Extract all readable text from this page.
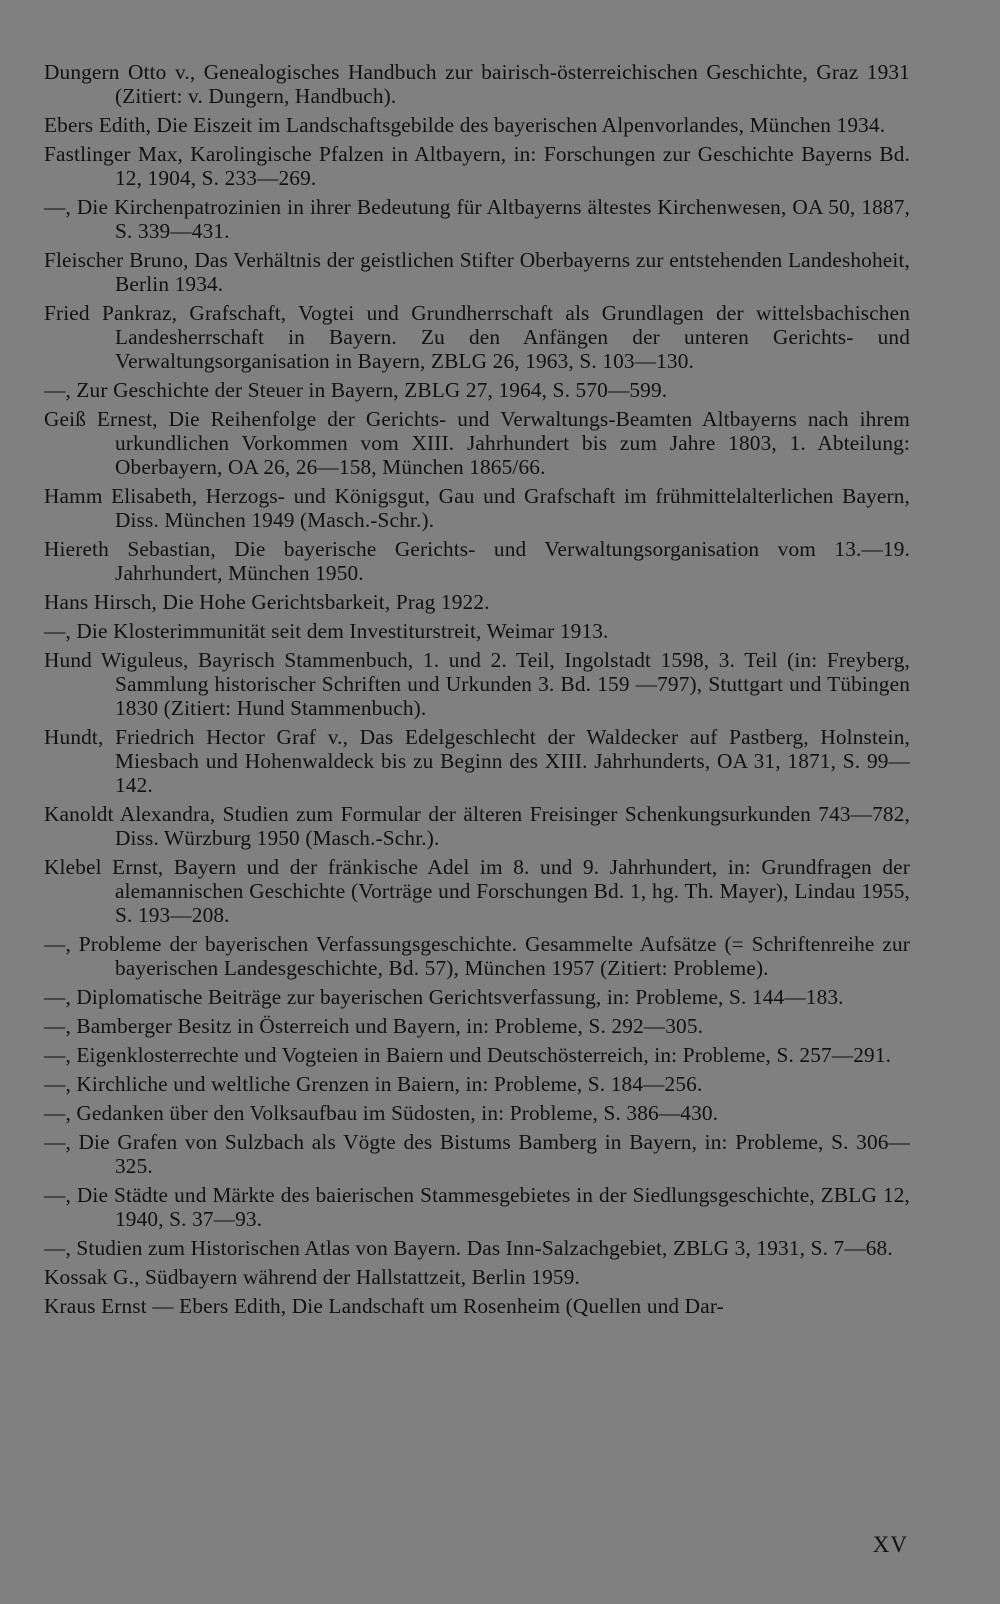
Dungern Otto v., Genealogisches Handbuch zur bairisch-österreichischen Geschichte, Graz 1931 (Zitiert: v. Dungern, Handbuch).

Ebers Edith, Die Eiszeit im Landschaftsgebilde des bayerischen Alpenvorlandes, München 1934.

Fastlinger Max, Karolingische Pfalzen in Altbayern, in: Forschungen zur Geschichte Bayerns Bd. 12, 1904, S. 233—269.

—, Die Kirchenpatrozinien in ihrer Bedeutung für Altbayerns ältestes Kirchenwesen, OA 50, 1887, S. 339—431.

Fleischer Bruno, Das Verhältnis der geistlichen Stifter Oberbayerns zur entstehenden Landeshoheit, Berlin 1934.

Fried Pankraz, Grafschaft, Vogtei und Grundherrschaft als Grundlagen der wittelsbachischen Landesherrschaft in Bayern. Zu den Anfängen der unteren Gerichts- und Verwaltungsorganisation in Bayern, ZBLG 26, 1963, S. 103—130.

—, Zur Geschichte der Steuer in Bayern, ZBLG 27, 1964, S. 570—599.

Geiß Ernest, Die Reihenfolge der Gerichts- und Verwaltungs-Beamten Altbayerns nach ihrem urkundlichen Vorkommen vom XIII. Jahrhundert bis zum Jahre 1803, 1. Abteilung: Oberbayern, OA 26, 26—158, München 1865/66.

Hamm Elisabeth, Herzogs- und Königsgut, Gau und Grafschaft im frühmittelalterlichen Bayern, Diss. München 1949 (Masch.-Schr.).

Hiereth Sebastian, Die bayerische Gerichts- und Verwaltungsorganisation vom 13.—19. Jahrhundert, München 1950.

Hans Hirsch, Die Hohe Gerichtsbarkeit, Prag 1922.

—, Die Klosterimmunität seit dem Investiturstreit, Weimar 1913.

Hund Wiguleus, Bayrisch Stammenbuch, 1. und 2. Teil, Ingolstadt 1598, 3. Teil (in: Freyberg, Sammlung historischer Schriften und Urkunden 3. Bd. 159 —797), Stuttgart und Tübingen 1830 (Zitiert: Hund Stammenbuch).

Hundt, Friedrich Hector Graf v., Das Edelgeschlecht der Waldecker auf Pastberg, Holnstein, Miesbach und Hohenwaldeck bis zu Beginn des XIII. Jahrhunderts, OA 31, 1871, S. 99—142.

Kanoldt Alexandra, Studien zum Formular der älteren Freisinger Schenkungsurkunden 743—782, Diss. Würzburg 1950 (Masch.-Schr.).

Klebel Ernst, Bayern und der fränkische Adel im 8. und 9. Jahrhundert, in: Grundfragen der alemannischen Geschichte (Vorträge und Forschungen Bd. 1, hg. Th. Mayer), Lindau 1955, S. 193—208.

—, Probleme der bayerischen Verfassungsgeschichte. Gesammelte Aufsätze (= Schriftenreihe zur bayerischen Landesgeschichte, Bd. 57), München 1957 (Zitiert: Probleme).

—, Diplomatische Beiträge zur bayerischen Gerichtsverfassung, in: Probleme, S. 144—183.

—, Bamberger Besitz in Österreich und Bayern, in: Probleme, S. 292—305.

—, Eigenklosterrechte und Vogteien in Baiern und Deutschösterreich, in: Probleme, S. 257—291.

—, Kirchliche und weltliche Grenzen in Baiern, in: Probleme, S. 184—256.

—, Gedanken über den Volksaufbau im Südosten, in: Probleme, S. 386—430.

—, Die Grafen von Sulzbach als Vögte des Bistums Bamberg in Bayern, in: Probleme, S. 306—325.

—, Die Städte und Märkte des baierischen Stammesgebietes in der Siedlungsgeschichte, ZBLG 12, 1940, S. 37—93.

—, Studien zum Historischen Atlas von Bayern. Das Inn-Salzachgebiet, ZBLG 3, 1931, S. 7—68.

Kossak G., Südbayern während der Hallstattzeit, Berlin 1959.

Kraus Ernst — Ebers Edith, Die Landschaft um Rosenheim (Quellen und Dar-

XV
